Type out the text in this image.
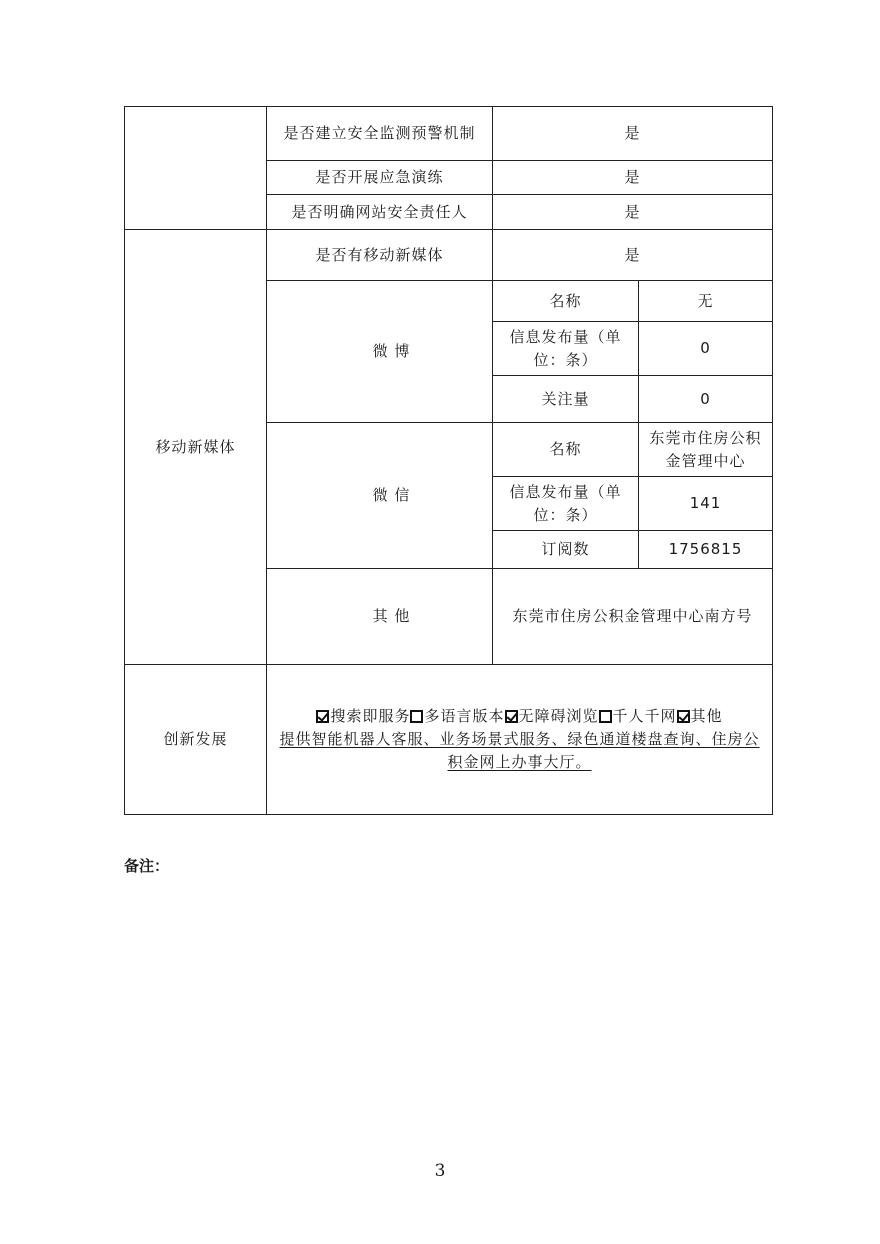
	是否建立安全监测预警机制	是	
	是否开展应急演练	是	
	是否明确网站安全责任人	是	
移动新媒体	是否有移动新媒体	是	
	微 博	名称	无
		信息发布量（单位：条）	0
		关注量	0
	微 信	名称	东莞市住房公积金管理中心
		信息发布量（单位：条）	141
		订阅数	1756815
	其 他	东莞市住房公积金管理中心南方号	
创新发展	搜索即服务 多语言版本 无障碍浏览 千人千网 其他
提供智能机器人客服、业务场景式服务、绿色通道楼盘查询、住房公积金网上办事大厅。		
备注：
3
